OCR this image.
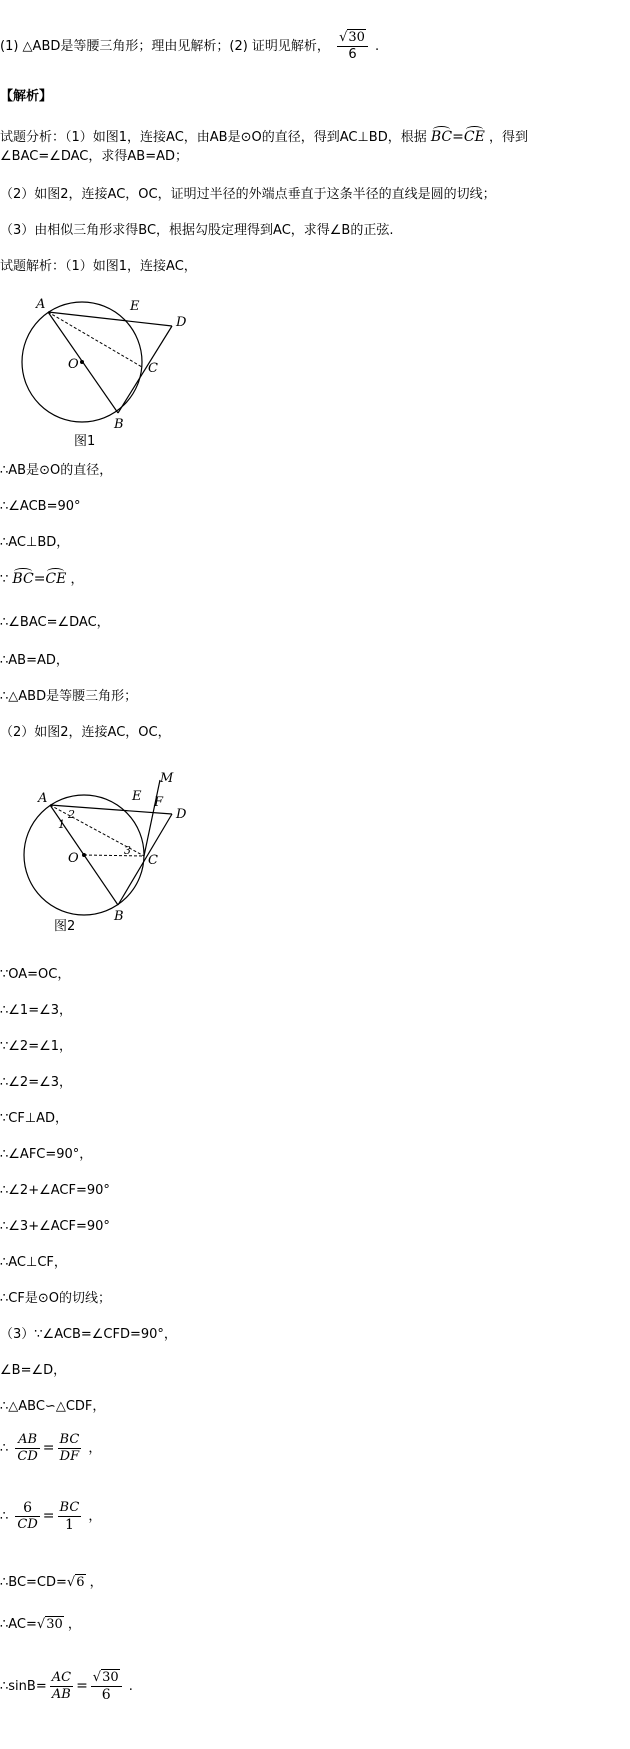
(1) △ABD是等腰三角形；理由见解析；(2) 证明见解析， $\frac{√30}{6}$ .
【解析】
试题分析：（1）如图1，连接AC，由AB是⊙O的直径，得到AC⊥BD，根据 BC=CE ，得到
∠BAC=∠DAC，求得AB=AD；
（2）如图2，连接AC，OC，证明过半径的外端点垂直于这条半径的直线是圆的切线；
（3）由相似三角形求得BC，根据勾股定理得到AC，求得∠B的正弦.
试题解析：（1）如图1，连接AC，
A	E
D
O	C
B
图1
∴AB是⊙O的直径，
∴∠ACB=90°
∴AC⊥BD，
∵ BC=CE ，
∴∠BAC=∠DAC，
∴AB=AD，
∴△ABD是等腰三角形；
（2）如图2，连接AC，OC，
M
A	E F
D
2
1
O
3
C
B
图2
∵OA=OC，
∴∠1=∠3，
∵∠2=∠1，
∴∠2=∠3，
∵CF⊥AD，
∴∠AFC=90°，
∴∠2+∠ACF=90°
∴∠3+∠ACF=90°
∴AC⊥CF，
∴CF是⊙O的切线；
（3）∵∠ACB=∠CFD=90°，
∠B=∠D，
∴△ABC∽△CDF，
∴ $\frac{AB}{CD} = \frac{BC}{DF}$ ，
∴ $\frac{6}{CD} = \frac{BC}{1}$ ，
∴BC=CD=√6 ，
∴AC=√30 ，
∴sinB= $\frac{AC}{AB} = \frac{√30}{6}$ .
